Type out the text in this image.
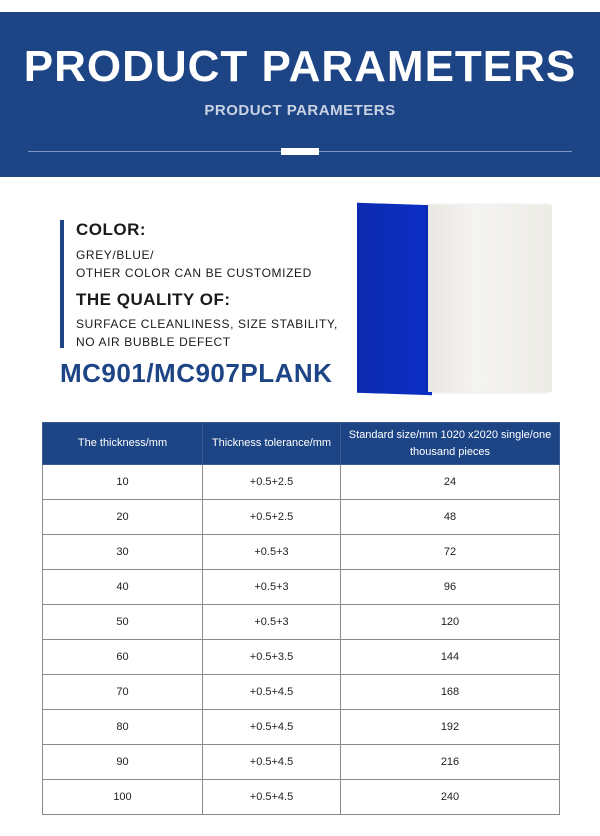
PRODUCT PARAMETERS
PRODUCT PARAMETERS
COLOR:
GREY/BLUE/
OTHER COLOR CAN BE CUSTOMIZED
THE QUALITY OF:
SURFACE CLEANLINESS, SIZE STABILITY,
NO AIR BUBBLE DEFECT
MC901/MC907PLANK
The thickness/mm	Thickness tolerance/mm	Standard size/mm 1020 x2020 single/one thousand pieces
10	+0.5+2.5	24
20	+0.5+2.5	48
30	+0.5+3	72
40	+0.5+3	96
50	+0.5+3	120
60	+0.5+3.5	144
70	+0.5+4.5	168
80	+0.5+4.5	192
90	+0.5+4.5	216
100	+0.5+4.5	240
